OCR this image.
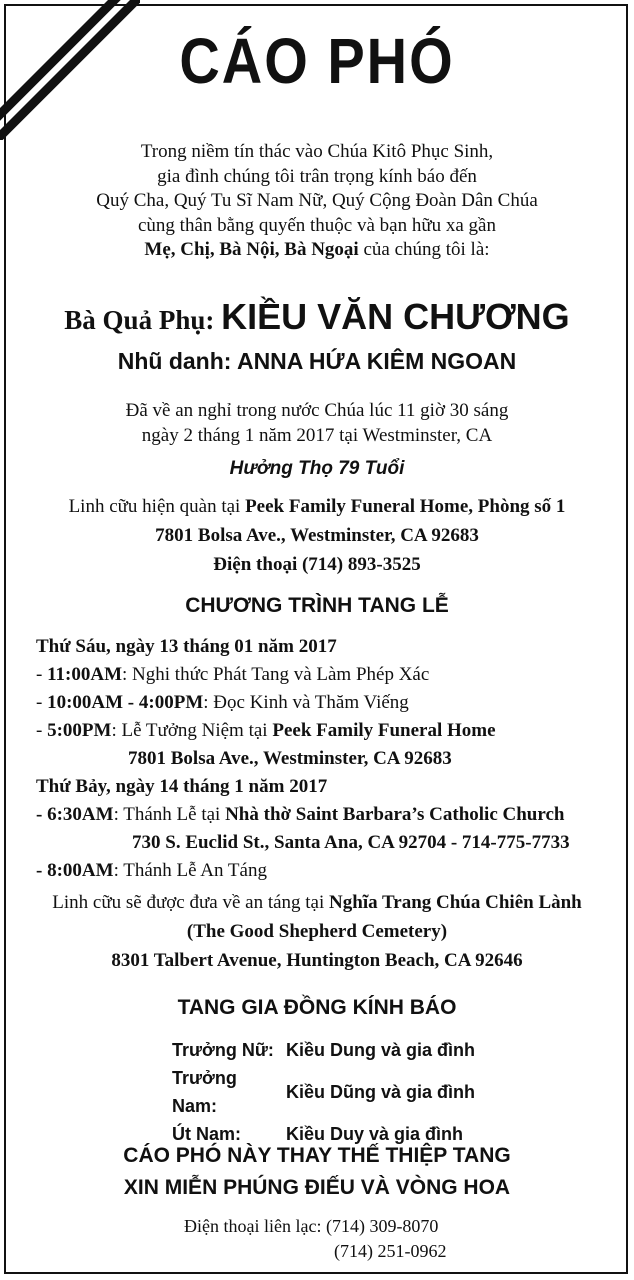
CÁO PHÓ
Trong niềm tín thác vào Chúa Kitô Phục Sinh,
gia đình chúng tôi trân trọng kính báo đến
Quý Cha, Quý Tu Sĩ Nam Nữ, Quý Cộng Đoàn Dân Chúa
cùng thân bằng quyến thuộc và bạn hữu xa gần
Mẹ, Chị, Bà Nội, Bà Ngoại của chúng tôi là:
Bà Quả Phụ: KIỀU VĂN CHƯƠNG
Nhũ danh: ANNA HỨA KIÊM NGOAN
Đã về an nghỉ trong nước Chúa lúc 11 giờ 30 sáng
ngày 2 tháng 1 năm 2017 tại Westminster, CA
Hưởng Thọ 79 Tuổi
Linh cữu hiện quàn tại Peek Family Funeral Home, Phòng số 1
7801 Bolsa Ave., Westminster, CA 92683
Điện thoại (714) 893-3525
CHƯƠNG TRÌNH TANG LỄ
Thứ Sáu, ngày 13 tháng 01 năm 2017
- 11:00AM: Nghi thức Phát Tang và Làm Phép Xác
- 10:00AM - 4:00PM: Đọc Kinh và Thăm Viếng
- 5:00PM: Lễ Tưởng Niệm tại Peek Family Funeral Home
7801 Bolsa Ave., Westminster, CA 92683
Thứ Bảy, ngày 14 tháng 1 năm 2017
- 6:30AM: Thánh Lễ tại Nhà thờ Saint Barbara’s Catholic Church
730 S. Euclid St., Santa Ana, CA 92704 - 714-775-7733
- 8:00AM: Thánh Lễ An Táng
Linh cữu sẽ được đưa về an táng tại Nghĩa Trang Chúa Chiên Lành
(The Good Shepherd Cemetery)
8301 Talbert Avenue, Huntington Beach, CA 92646
TANG GIA ĐỒNG KÍNH BÁO
Trưởng Nữ:	Kiều Dung và gia đình
Trưởng Nam:	Kiều Dũng và gia đình
Út Nam:	Kiều Duy và gia đình
CÁO PHÓ NÀY THAY THẾ THIỆP TANG
XIN MIỄN PHÚNG ĐIẾU VÀ VÒNG HOA
Điện thoại liên lạc: (714) 309-8070
(714) 251-0962
